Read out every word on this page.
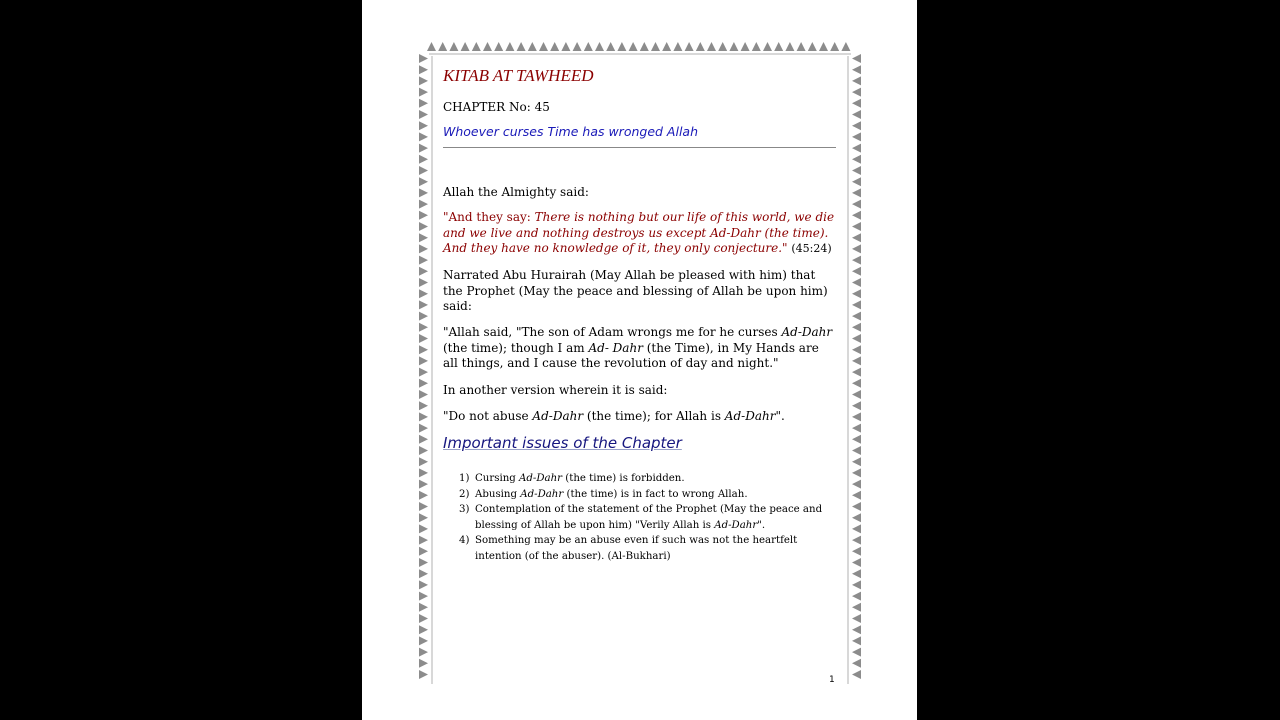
KITAB AT TAWHEED
CHAPTER No: 45
Whoever curses Time has wronged Allah

Allah the Almighty said:

"And they say: There is nothing but our life of this world, we die and we live and nothing destroys us except Ad-Dahr (the time). And they have no knowledge of it, they only conjecture." (45:24)

Narrated Abu Hurairah (May Allah be pleased with him) that the Prophet (May the peace and blessing of Allah be upon him) said:

"Allah said, "The son of Adam wrongs me for he curses Ad-Dahr (the time); though I am Ad- Dahr (the Time), in My Hands are all things, and I cause the revolution of day and night."

In another version wherein it is said:

"Do not abuse Ad-Dahr (the time); for Allah is Ad-Dahr".

Important issues of the Chapter
1) Cursing Ad-Dahr (the time) is forbidden.
2) Abusing Ad-Dahr (the time) is in fact to wrong Allah.
3) Contemplation of the statement of the Prophet (May the peace and blessing of Allah be upon him) "Verily Allah is Ad-Dahr".
4) Something may be an abuse even if such was not the heartfelt intention (of the abuser). (Al-Bukhari)
1
